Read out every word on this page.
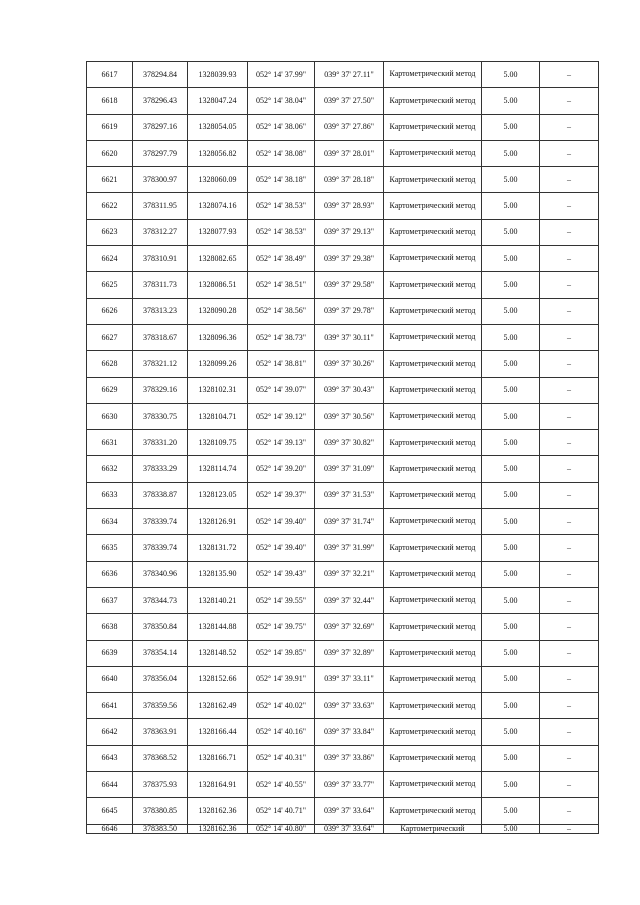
6617	378294.84	1328039.93	052° 14' 37.99"	039° 37' 27.11"	Картометрический метод	5.00	–
6618	378296.43	1328047.24	052° 14' 38.04"	039° 37' 27.50"	Картометрический метод	5.00	–
6619	378297.16	1328054.05	052° 14' 38.06"	039° 37' 27.86"	Картометрический метод	5.00	–
6620	378297.79	1328056.82	052° 14' 38.08"	039° 37' 28.01"	Картометрический метод	5.00	–
6621	378300.97	1328060.09	052° 14' 38.18"	039° 37' 28.18"	Картометрический метод	5.00	–
6622	378311.95	1328074.16	052° 14' 38.53"	039° 37' 28.93"	Картометрический метод	5.00	–
6623	378312.27	1328077.93	052° 14' 38.53"	039° 37' 29.13"	Картометрический метод	5.00	–
6624	378310.91	1328082.65	052° 14' 38.49"	039° 37' 29.38"	Картометрический метод	5.00	–
6625	378311.73	1328086.51	052° 14' 38.51"	039° 37' 29.58"	Картометрический метод	5.00	–
6626	378313.23	1328090.28	052° 14' 38.56"	039° 37' 29.78"	Картометрический метод	5.00	–
6627	378318.67	1328096.36	052° 14' 38.73"	039° 37' 30.11"	Картометрический метод	5.00	–
6628	378321.12	1328099.26	052° 14' 38.81"	039° 37' 30.26"	Картометрический метод	5.00	–
6629	378329.16	1328102.31	052° 14' 39.07"	039° 37' 30.43"	Картометрический метод	5.00	–
6630	378330.75	1328104.71	052° 14' 39.12"	039° 37' 30.56"	Картометрический метод	5.00	–
6631	378331.20	1328109.75	052° 14' 39.13"	039° 37' 30.82"	Картометрический метод	5.00	–
6632	378333.29	1328114.74	052° 14' 39.20"	039° 37' 31.09"	Картометрический метод	5.00	–
6633	378338.87	1328123.05	052° 14' 39.37"	039° 37' 31.53"	Картометрический метод	5.00	–
6634	378339.74	1328126.91	052° 14' 39.40"	039° 37' 31.74"	Картометрический метод	5.00	–
6635	378339.74	1328131.72	052° 14' 39.40"	039° 37' 31.99"	Картометрический метод	5.00	–
6636	378340.96	1328135.90	052° 14' 39.43"	039° 37' 32.21"	Картометрический метод	5.00	–
6637	378344.73	1328140.21	052° 14' 39.55"	039° 37' 32.44"	Картометрический метод	5.00	–
6638	378350.84	1328144.88	052° 14' 39.75"	039° 37' 32.69"	Картометрический метод	5.00	–
6639	378354.14	1328148.52	052° 14' 39.85"	039° 37' 32.89"	Картометрический метод	5.00	–
6640	378356.04	1328152.66	052° 14' 39.91"	039° 37' 33.11"	Картометрический метод	5.00	–
6641	378359.56	1328162.49	052° 14' 40.02"	039° 37' 33.63"	Картометрический метод	5.00	–
6642	378363.91	1328166.44	052° 14' 40.16"	039° 37' 33.84"	Картометрический метод	5.00	–
6643	378368.52	1328166.71	052° 14' 40.31"	039° 37' 33.86"	Картометрический метод	5.00	–
6644	378375.93	1328164.91	052° 14' 40.55"	039° 37' 33.77"	Картометрический метод	5.00	–
6645	378380.85	1328162.36	052° 14' 40.71"	039° 37' 33.64"	Картометрический метод	5.00	–
6646	378383.50	1328162.36	052° 14' 40.80"	039° 37' 33.64"	Картометрический	5.00	–
